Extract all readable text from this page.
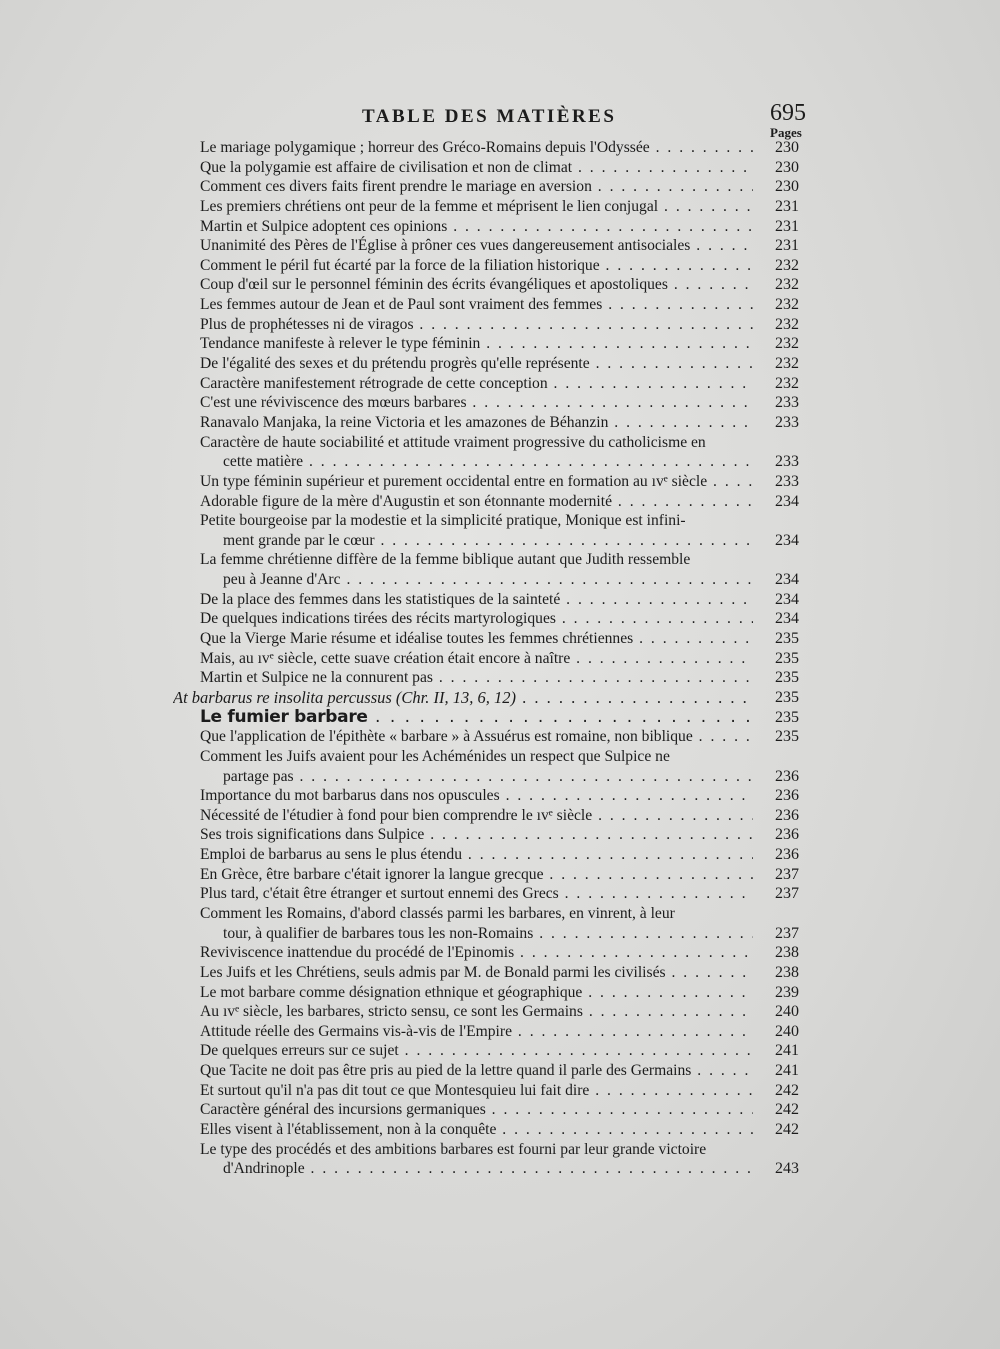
TABLE DES MATIÈRES	695
Pages
Le mariage polygamique ; horreur des Gréco-Romains depuis l'Odyssée . . .	230
Que la polygamie est affaire de civilisation et non de climat . . .	230
Comment ces divers faits firent prendre le mariage en aversion . . .	230
Les premiers chrétiens ont peur de la femme et méprisent le lien conjugal . . .	231
Martin et Sulpice adoptent ces opinions . . .	231
Unanimité des Pères de l'Église à prôner ces vues dangereusement antisociales . . .	231
Comment le péril fut écarté par la force de la filiation historique . . .	232
Coup d'œil sur le personnel féminin des écrits évangéliques et apostoliques . . .	232
Les femmes autour de Jean et de Paul sont vraiment des femmes . . .	232
Plus de prophétesses ni de viragos . . .	232
Tendance manifeste à relever le type féminin . . .	232
De l'égalité des sexes et du prétendu progrès qu'elle représente . . .	232
Caractère manifestement rétrograde de cette conception . . .	232
C'est une réviviscence des mœurs barbares . . .	233
Ranavalo Manjaka, la reine Victoria et les amazones de Béhanzin . . .	233
Caractère de haute sociabilité et attitude vraiment progressive du catholicisme en
cette matière . . .	233
Un type féminin supérieur et purement occidental entre en formation au ıvᵉ siècle . . .	233
Adorable figure de la mère d'Augustin et son étonnante modernité . . .	234
Petite bourgeoise par la modestie et la simplicité pratique, Monique est infini-
ment grande par le cœur . . .	234
La femme chrétienne diffère de la femme biblique autant que Judith ressemble
peu à Jeanne d'Arc . . .	234
De la place des femmes dans les statistiques de la sainteté . . .	234
De quelques indications tirées des récits martyrologiques . . .	234
Que la Vierge Marie résume et idéalise toutes les femmes chrétiennes . . .	235
Mais, au ıvᵉ siècle, cette suave création était encore à naître . . .	235
Martin et Sulpice ne la connurent pas . . .	235
At barbarus re insolita percussus (Chr. II, 13, 6, 12) . . .	235
Le fumier barbare . . .	235
Que l'application de l'épithète « barbare » à Assuérus est romaine, non biblique . . .	235
Comment les Juifs avaient pour les Achéménides un respect que Sulpice ne
partage pas . . .	236
Importance du mot barbarus dans nos opuscules . . .	236
Nécessité de l'étudier à fond pour bien comprendre le ıvᵉ siècle . . .	236
Ses trois significations dans Sulpice . . .	236
Emploi de barbarus au sens le plus étendu . . .	236
En Grèce, être barbare c'était ignorer la langue grecque . . .	237
Plus tard, c'était être étranger et surtout ennemi des Grecs . . .	237
Comment les Romains, d'abord classés parmi les barbares, en vinrent, à leur
tour, à qualifier de barbares tous les non-Romains . . .	237
Reviviscence inattendue du procédé de l'Epinomis . . .	238
Les Juifs et les Chrétiens, seuls admis par M. de Bonald parmi les civilisés . . .	238
Le mot barbare comme désignation ethnique et géographique . . .	239
Au ıvᵉ siècle, les barbares, stricto sensu, ce sont les Germains . . .	240
Attitude réelle des Germains vis-à-vis de l'Empire . . .	240
De quelques erreurs sur ce sujet . . .	241
Que Tacite ne doit pas être pris au pied de la lettre quand il parle des Germains . . .	241
Et surtout qu'il n'a pas dit tout ce que Montesquieu lui fait dire . . .	242
Caractère général des incursions germaniques . . .	242
Elles visent à l'établissement, non à la conquête . . .	242
Le type des procédés et des ambitions barbares est fourni par leur grande victoire
d'Andrinople . . .	243
